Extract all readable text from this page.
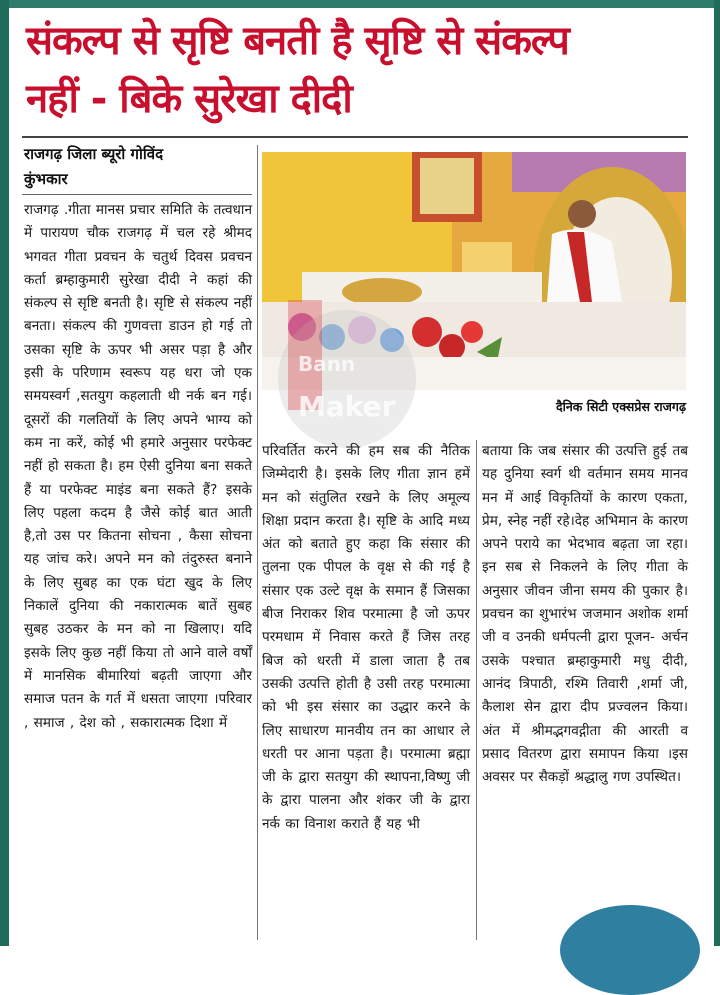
संकल्प से सृष्टि बनती है सृष्टि से संकल्प
नहीं - बिके सुरेखा दीदी
राजगढ़ जिला ब्यूरो गोविंद
कुंभकार
Bann
Maker	दैनिक सिटी एक्सप्रेस राजगढ़
राजगढ़ .गीता मानस प्रचार समिति के तत्वधान में पारायण चौक राजगढ़ में चल रहे श्रीमद भगवत गीता प्रवचन के चतुर्थ दिवस प्रवचन कर्ता ब्रम्हाकुमारी सुरेखा दीदी ने कहां की संकल्प से सृष्टि बनती है। सृष्टि से संकल्प नहीं बनता। संकल्प की गुणवत्ता डाउन हो गई तो उसका सृष्टि के ऊपर भी असर पड़ा है और इसी के परिणाम स्वरूप यह धरा जो एक समयस्वर्ग ,सतयुग कहलाती थी नर्क बन गई। दूसरों की गलतियों के लिए अपने भाग्य को कम ना करें, कोई भी हमारे अनुसार परफेक्ट नहीं हो सकता है। हम ऐसी दुनिया बना सकते हैं या परफेक्ट माइंड बना सकते हैं? इसके लिए पहला कदम है जैसे कोई बात आती है,तो उस पर कितना सोचना , कैसा सोचना यह जांच करे। अपने मन को तंदुरुस्त बनाने के लिए सुबह का एक घंटा खुद के लिए निकालें दुनिया की नकारात्मक बातें सुबह सुबह उठकर के मन को ना खिलाए। यदि इसके लिए कुछ नहीं किया तो आने वाले वर्षों में मानसिक बीमारियां बढ़ती जाएगा और समाज पतन के गर्त में धसता जाएगा ।परिवार , समाज , देश को , सकारात्मक दिशा में
परिवर्तित करने की हम सब की नैतिक जिम्मेदारी है। इसके लिए गीता ज्ञान हमें मन को संतुलित रखने के लिए अमूल्य शिक्षा प्रदान करता है। सृष्टि के आदि मध्य अंत को बताते हुए कहा कि संसार की तुलना एक पीपल के वृक्ष से की गई है संसार एक उल्टे वृक्ष के समान हैं जिसका बीज निराकर शिव परमात्मा है जो ऊपर परमधाम में निवास करते हैं जिस तरह बिज को धरती में डाला जाता है तब उसकी उत्पत्ति होती है उसी तरह परमात्मा को भी इस संसार का उद्धार करने के लिए साधारण मानवीय तन का आधार ले धरती पर आना पड़ता है। परमात्मा ब्रह्मा जी के द्वारा सतयुग की स्थापना,विष्णु जी के द्वारा पालना और शंकर जी के द्वारा नर्क का विनाश कराते हैं यह भी
बताया कि जब संसार की उत्पत्ति हुई तब यह दुनिया स्वर्ग थी वर्तमान समय मानव मन में आई विकृतियों के कारण एकता, प्रेम, स्नेह नहीं रहे।देह अभिमान के कारण अपने पराये का भेदभाव बढ़ता जा रहा। इन सब से निकलने के लिए गीता के अनुसार जीवन जीना समय की पुकार है। प्रवचन का शुभारंभ जजमान अशोक शर्मा जी व उनकी धर्मपत्नी द्वारा पूजन- अर्चन उसके पश्चात ब्रम्हाकुमारी मधु दीदी, आनंद त्रिपाठी, रश्मि तिवारी ,शर्मा जी, कैलाश सेन द्वारा दीप प्रज्वलन किया। अंत में श्रीमद्भगवद्गीता की आरती व प्रसाद वितरण द्वारा समापन किया ।इस अवसर पर सैकड़ों श्रद्धालु गण उपस्थित।
